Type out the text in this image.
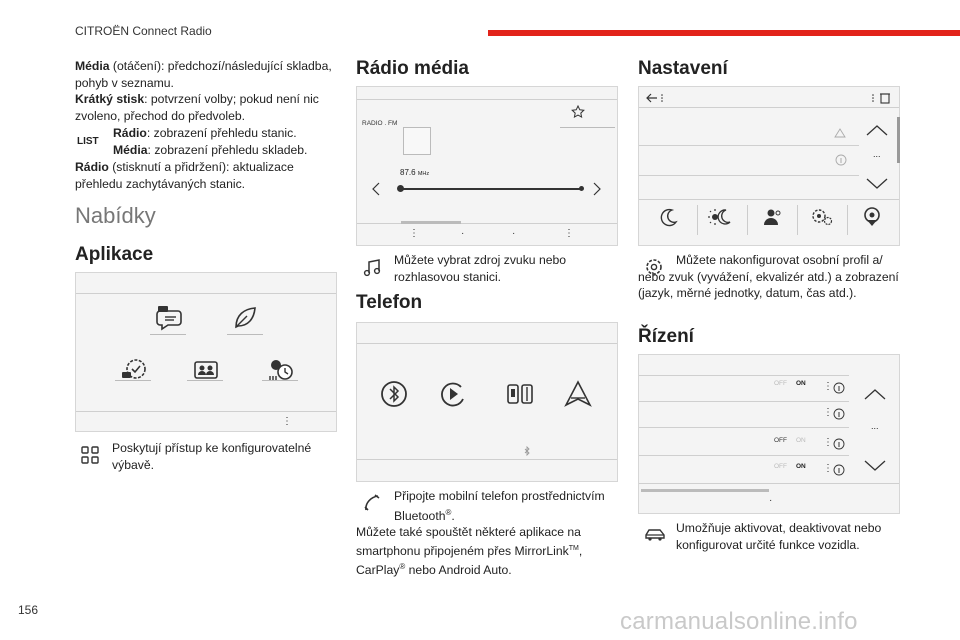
CITROËN Connect Radio

Média (otáčení): předchozí/následující skladba, pohyb v seznamu.

Krátký stisk: potvrzení volby; pokud není nic zvoleno, přechod do předvoleb.

LIST

Rádio: zobrazení přehledu stanic.

Média: zobrazení přehledu skladeb.

Rádio (stisknutí a přidržení): aktualizace přehledu zachytávaných stanic.

Nabídky
Aplikace
⋮
Poskytují přístup ke konfigurovatelné výbavě.
Rádio média
RADIO . FM
87.6 MHz
⋮	·	·	⋮
Můžete vybrat zdroj zvuku nebo rozhlasovou stanici.
Telefon
Připojte mobilní telefon prostřednictvím Bluetooth®.
Můžete také spouštět některé aplikace na smartphonu připojeném přes MirrorLink™, CarPlay® nebo Android Auto.
Nastavení
...
Můžete nakonfigurovat osobní profil a/ nebo zvuk (vyvážení, ekvalizér atd.) a zobrazení (jazyk, měrné jednotky, datum, čas atd.).
Řízení
OFF ON ⋮
⋮
OFF ON ⋮
OFF ON ⋮
...
·
Umožňuje aktivovat, deaktivovat nebo konfigurovat určité funkce vozidla.
156	carmanualsonline.info
